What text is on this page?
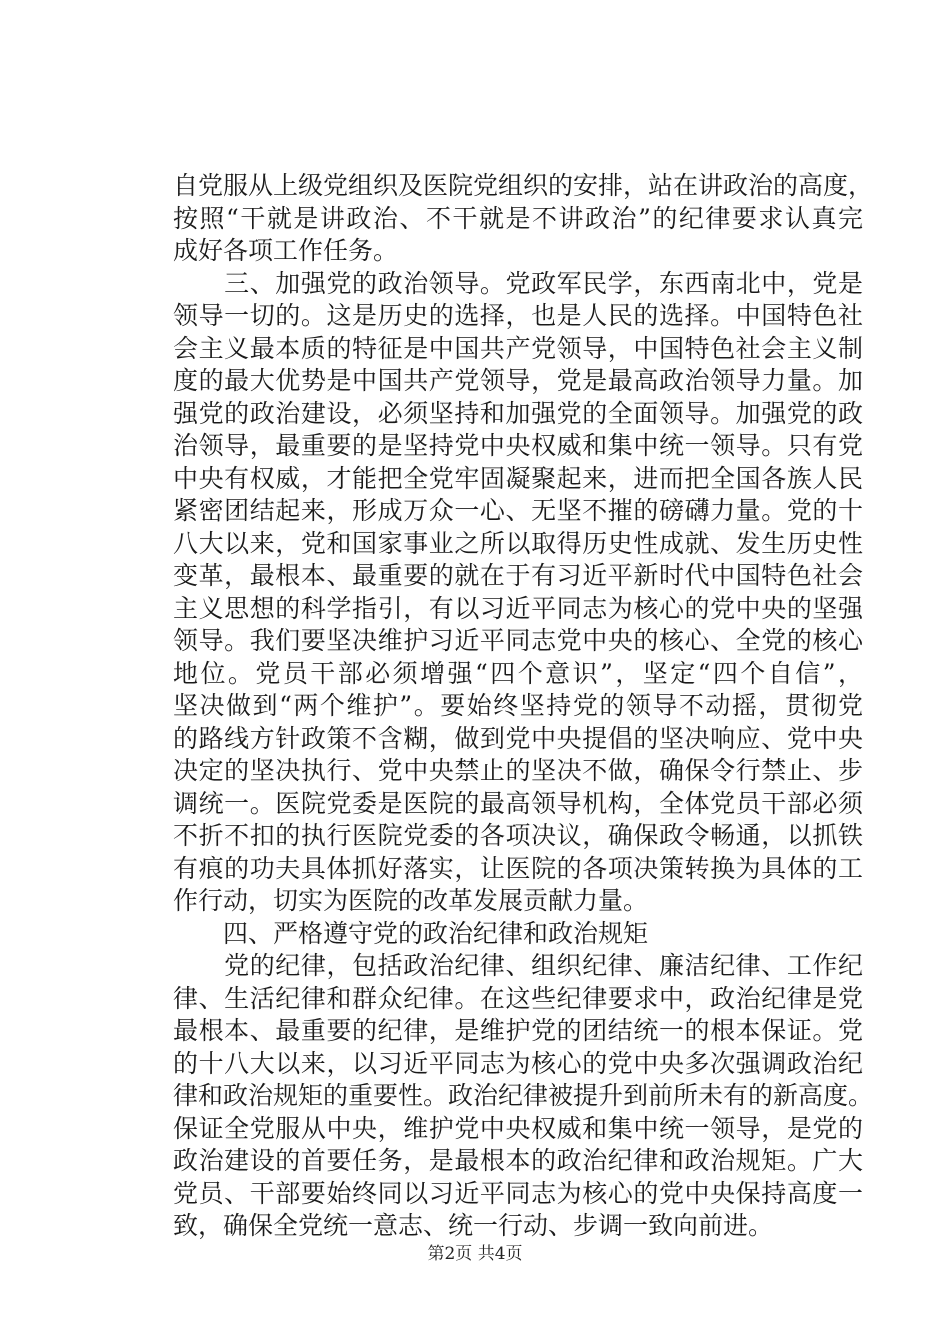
自党服从上级党组织及医院党组织的安排，站在讲政治的高度，
按照“干就是讲政治、不干就是不讲政治”的纪律要求认真完
成好各项工作任务。
　　三、加强党的政治领导。党政军民学，东西南北中，党是
领导一切的。这是历史的选择，也是人民的选择。中国特色社
会主义最本质的特征是中国共产党领导，中国特色社会主义制
度的最大优势是中国共产党领导，党是最高政治领导力量。加
强党的政治建设，必须坚持和加强党的全面领导。加强党的政
治领导，最重要的是坚持党中央权威和集中统一领导。只有党
中央有权威，才能把全党牢固凝聚起来，进而把全国各族人民
紧密团结起来，形成万众一心、无坚不摧的磅礴力量。党的十
八大以来，党和国家事业之所以取得历史性成就、发生历史性
变革，最根本、最重要的就在于有习近平新时代中国特色社会
主义思想的科学指引，有以习近平同志为核心的党中央的坚强
领导。我们要坚决维护习近平同志党中央的核心、全党的核心
地位。党员干部必须增强“四个意识”，坚定“四个自信”，
坚决做到“两个维护”。要始终坚持党的领导不动摇，贯彻党
的路线方针政策不含糊，做到党中央提倡的坚决响应、党中央
决定的坚决执行、党中央禁止的坚决不做，确保令行禁止、步
调统一。医院党委是医院的最高领导机构，全体党员干部必须
不折不扣的执行医院党委的各项决议，确保政令畅通，以抓铁
有痕的功夫具体抓好落实，让医院的各项决策转换为具体的工
作行动，切实为医院的改革发展贡献力量。
　　四、严格遵守党的政治纪律和政治规矩
　　党的纪律，包括政治纪律、组织纪律、廉洁纪律、工作纪
律、生活纪律和群众纪律。在这些纪律要求中，政治纪律是党
最根本、最重要的纪律，是维护党的团结统一的根本保证。党
的十八大以来，以习近平同志为核心的党中央多次强调政治纪
律和政治规矩的重要性。政治纪律被提升到前所未有的新高度。
保证全党服从中央，维护党中央权威和集中统一领导，是党的
政治建设的首要任务，是最根本的政治纪律和政治规矩。广大
党员、干部要始终同以习近平同志为核心的党中央保持高度一
致，确保全党统一意志、统一行动、步调一致向前进。
第2页 共4页
